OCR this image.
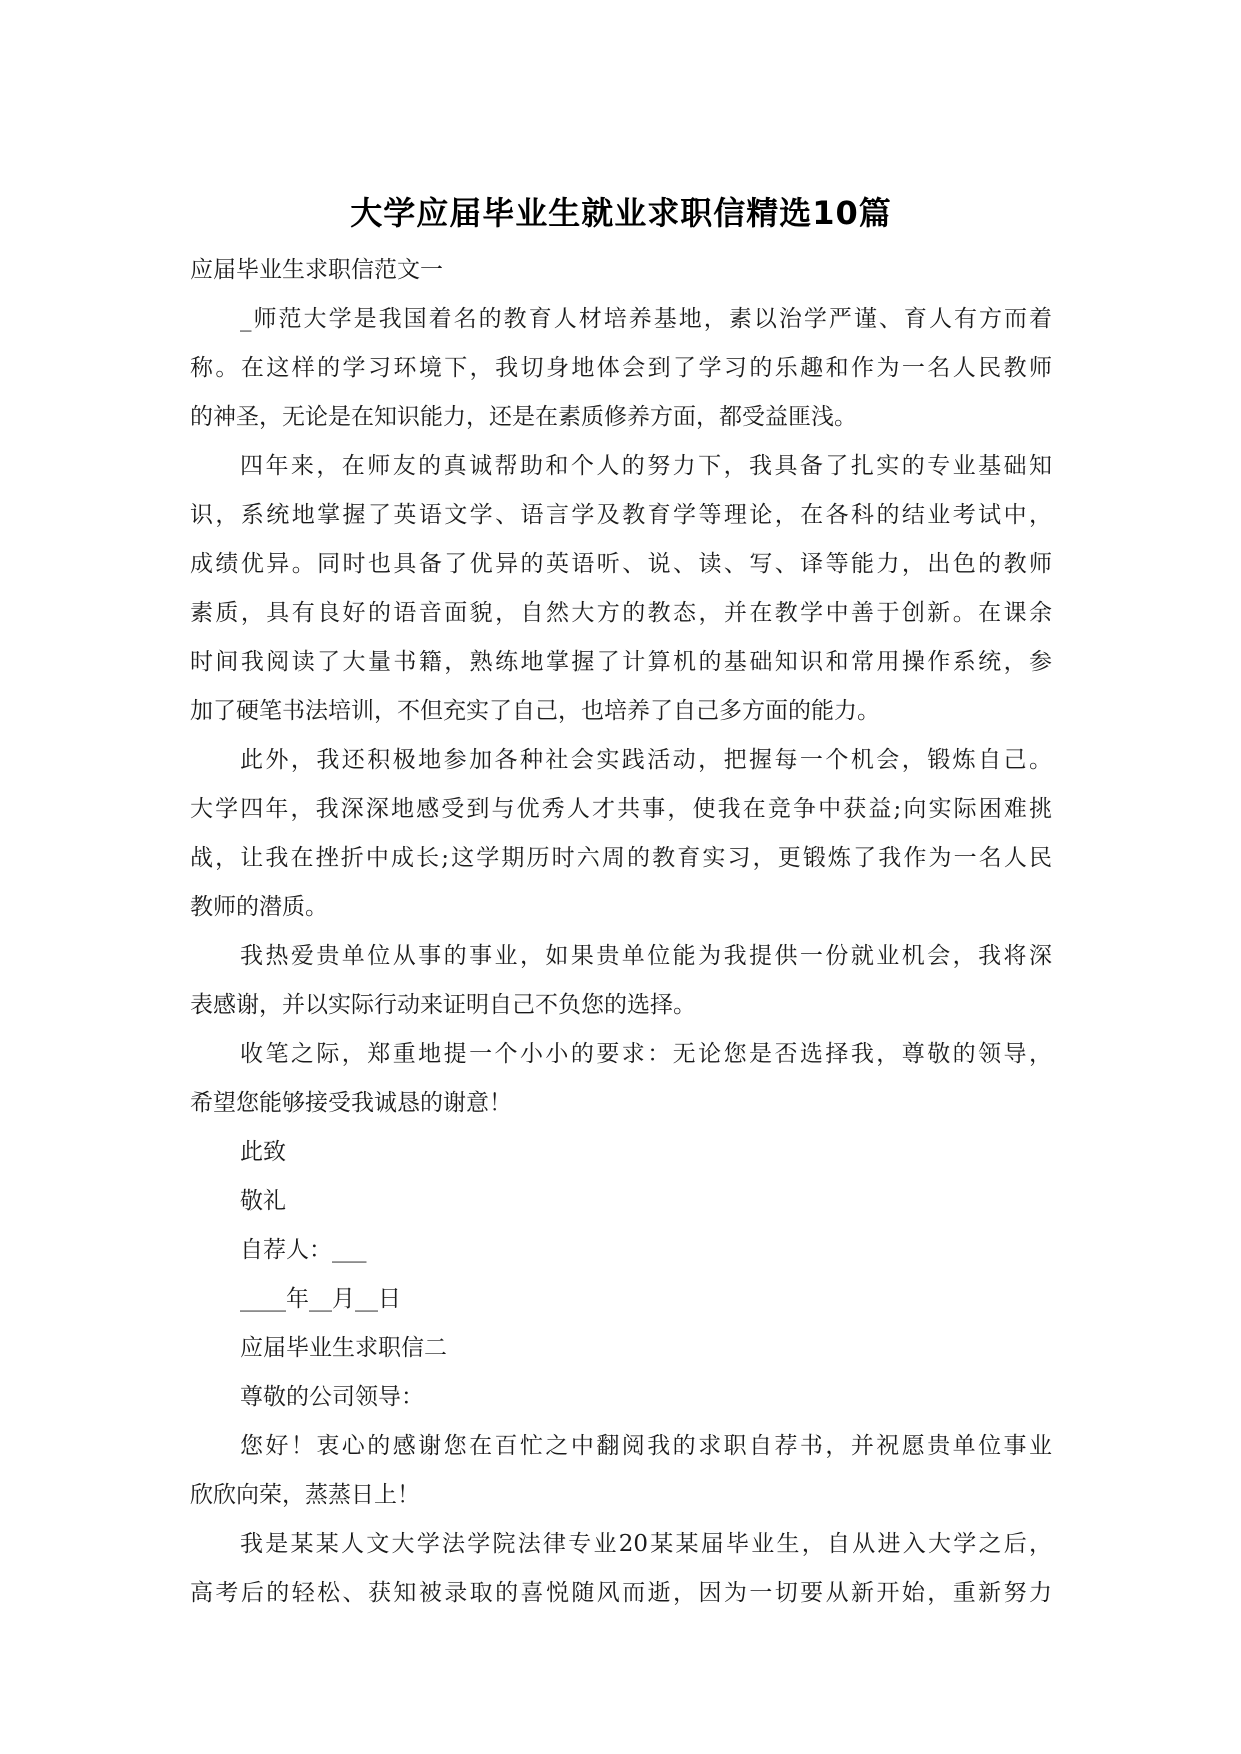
大学应届毕业生就业求职信精选10篇
应届毕业生求职信范文一
_师范大学是我国着名的教育人材培养基地，素以治学严谨、育人有方而着
称。在这样的学习环境下，我切身地体会到了学习的乐趣和作为一名人民教师
的神圣，无论是在知识能力，还是在素质修养方面，都受益匪浅。
四年来，在师友的真诚帮助和个人的努力下，我具备了扎实的专业基础知
识，系统地掌握了英语文学、语言学及教育学等理论，在各科的结业考试中，
成绩优异。同时也具备了优异的英语听、说、读、写、译等能力，出色的教师
素质，具有良好的语音面貌，自然大方的教态，并在教学中善于创新。在课余
时间我阅读了大量书籍，熟练地掌握了计算机的基础知识和常用操作系统，参
加了硬笔书法培训，不但充实了自己，也培养了自己多方面的能力。
此外，我还积极地参加各种社会实践活动，把握每一个机会，锻炼自己。
大学四年，我深深地感受到与优秀人才共事，使我在竞争中获益;向实际困难挑
战，让我在挫折中成长;这学期历时六周的教育实习，更锻炼了我作为一名人民
教师的潜质。
我热爱贵单位从事的事业，如果贵单位能为我提供一份就业机会，我将深
表感谢，并以实际行动来证明自己不负您的选择。
收笔之际，郑重地提一个小小的要求：无论您是否选择我，尊敬的领导，
希望您能够接受我诚恳的谢意！
此致
敬礼
自荐人：___
____年__月__日
应届毕业生求职信二
尊敬的公司领导：
您好！衷心的感谢您在百忙之中翻阅我的求职自荐书，并祝愿贵单位事业
欣欣向荣，蒸蒸日上！
我是某某人文大学法学院法律专业20某某届毕业生，自从进入大学之后，
高考后的轻松、获知被录取的喜悦随风而逝，因为一切要从新开始，重新努力
